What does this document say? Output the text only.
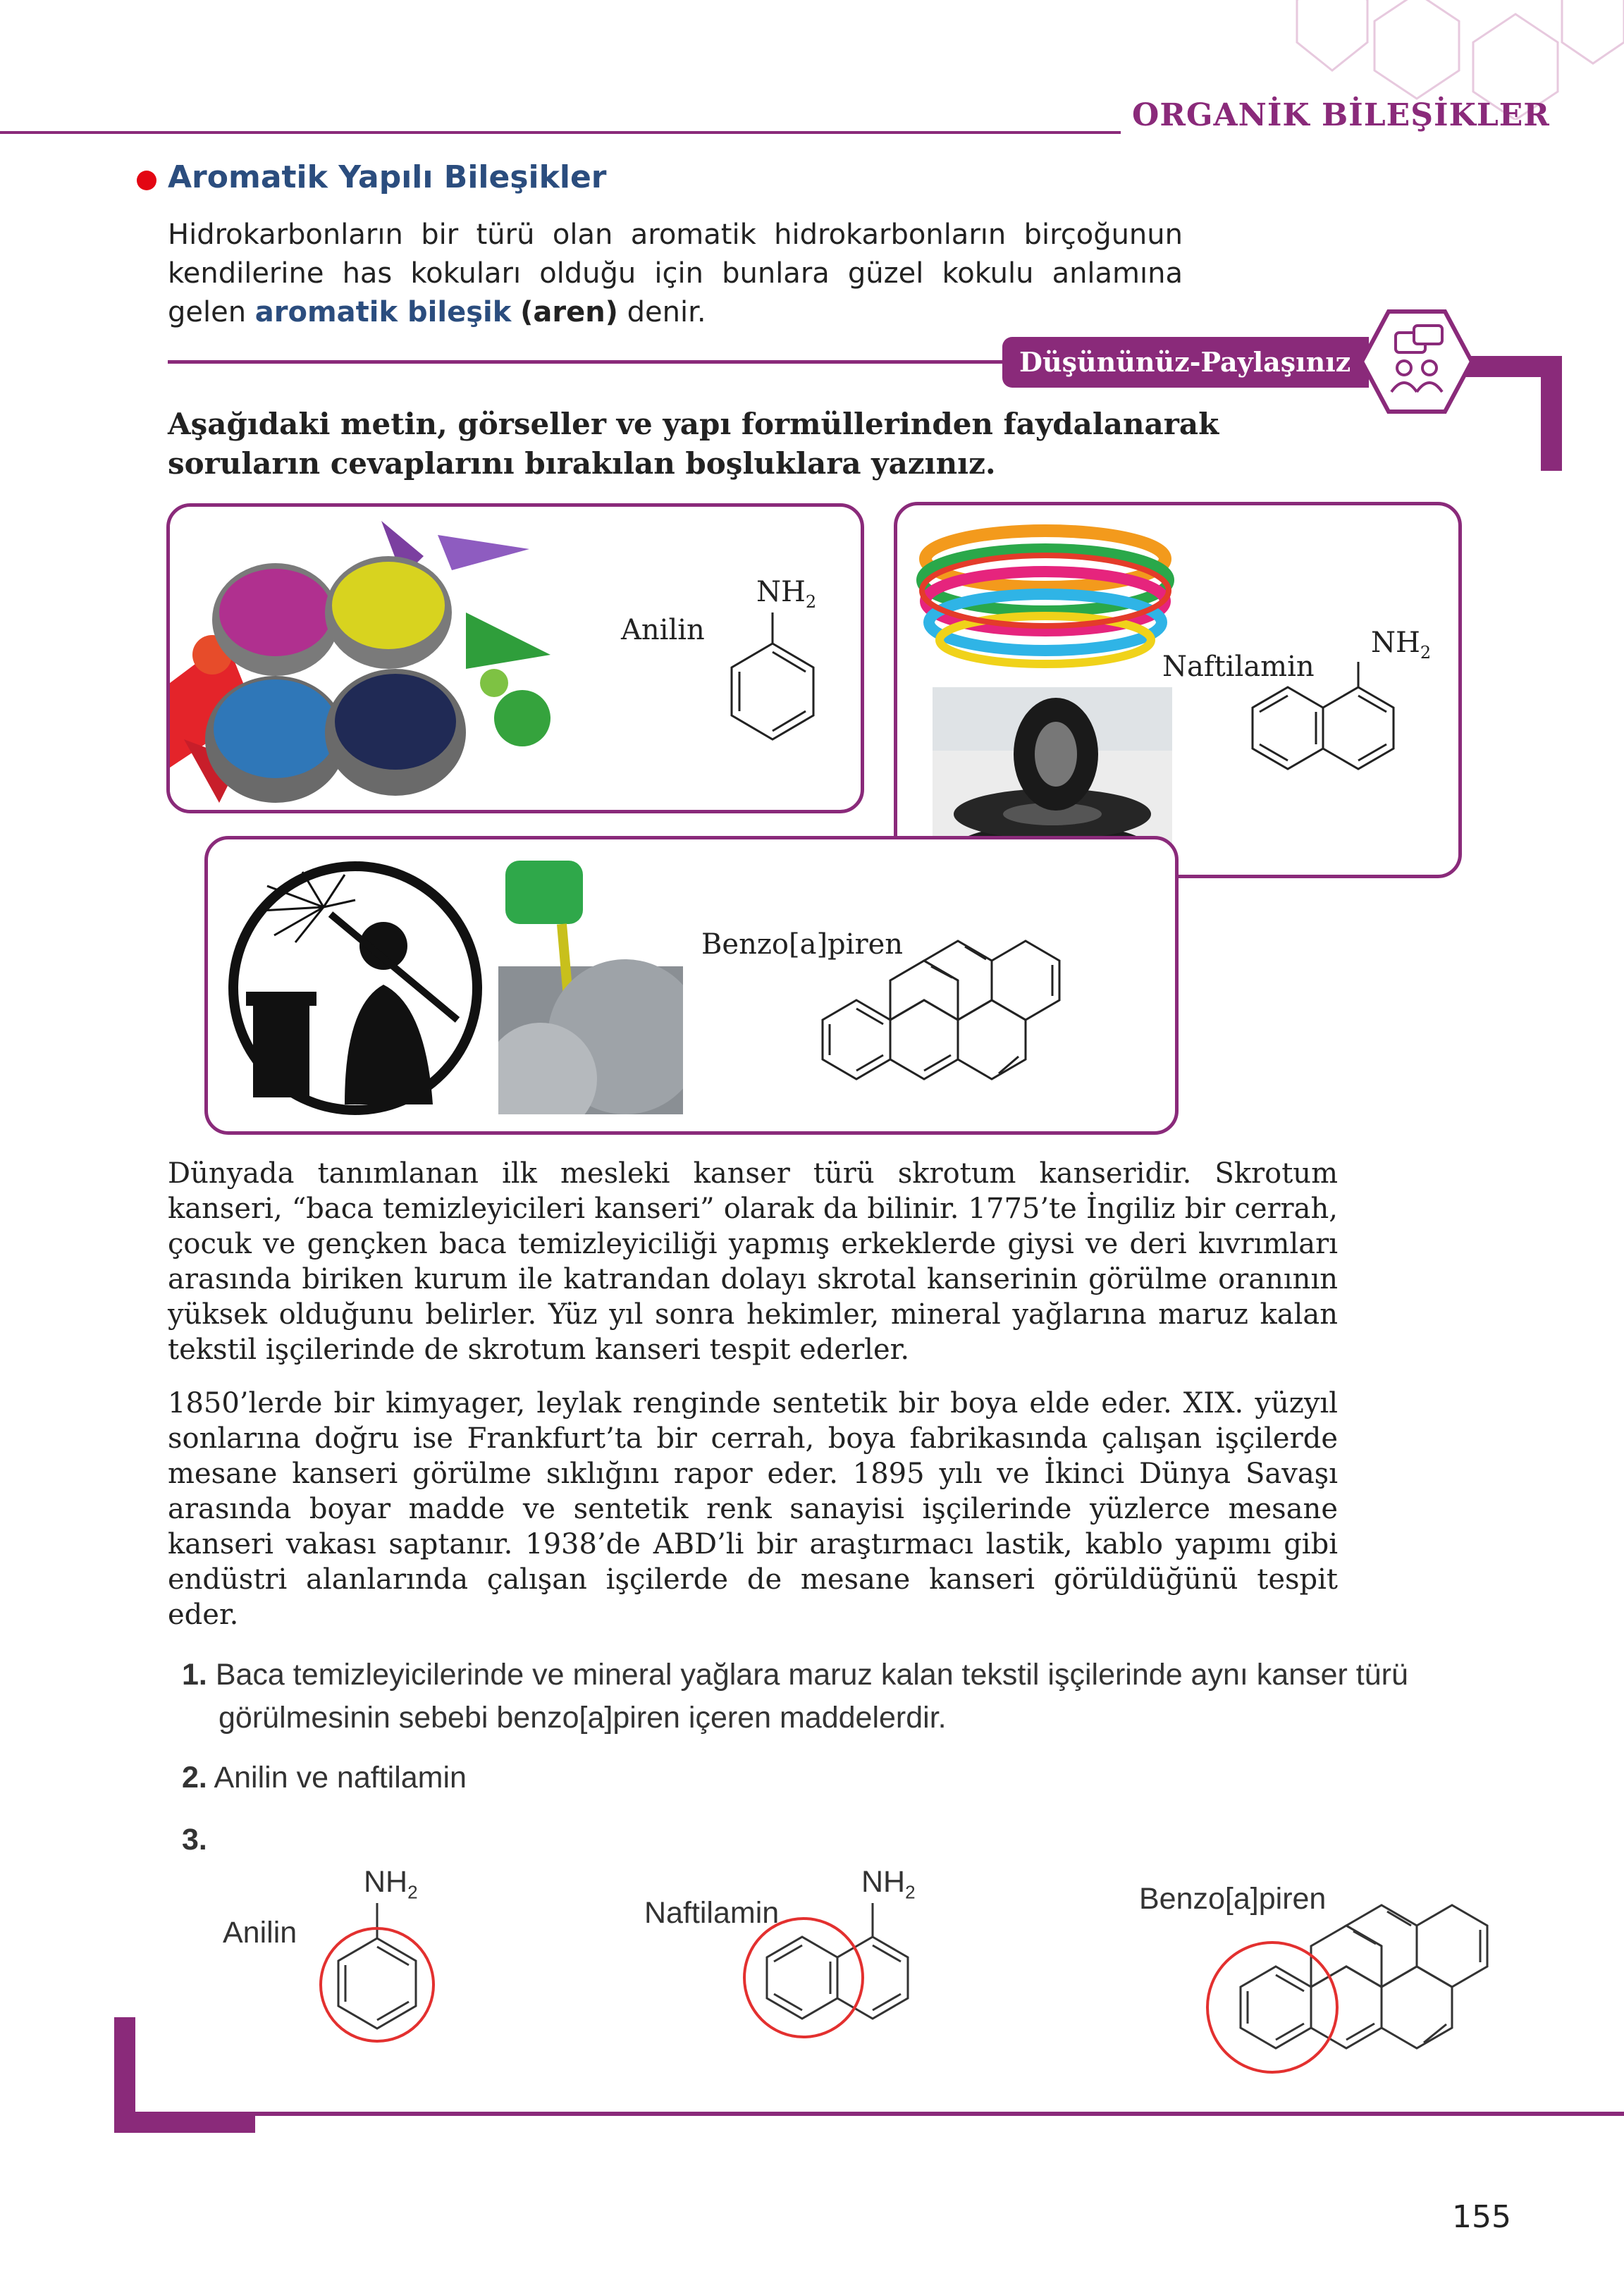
ORGANİK BİLEŞİKLER
Aromatik Yapılı Bileşikler
Hidrokarbonların bir türü olan aromatik hidrokarbonların birçoğunun kendilerine has kokuları olduğu için bunlara güzel kokulu anlamına gelen aromatik bileşik (aren) denir.
Düşününüz-Paylaşınız
Aşağıdaki metin, görseller ve yapı formüllerinden faydalanarak soruların cevaplarını bırakılan boşluklara yazınız.
Anilin
$NH_2$
Naftilamin
$NH_2$
Benzo[a]piren
Dünyada tanımlanan ilk mesleki kanser türü skrotum kanseridir. Skrotum kanseri, “baca temizleyicileri kanseri” olarak da bilinir. 1775’te İngiliz bir cerrah, çocuk ve gençken baca temizleyiciliği yapmış erkeklerde giysi ve deri kıvrımları arasında biriken kurum ile katrandan dolayı skrotal kanserinin görülme oranının yüksek olduğunu belirler. Yüz yıl sonra hekimler, mineral yağlarına maruz kalan tekstil işçilerinde de skrotum kanseri tespit ederler.
1850’lerde bir kimyager, leylak renginde sentetik bir boya elde eder. XIX. yüzyıl sonlarına doğru ise Frankfurt’ta bir cerrah, boya fabrikasında çalışan işçilerde mesane kanseri görülme sıklığını rapor eder. 1895 yılı ve İkinci Dünya Savaşı arasında boyar madde ve sentetik renk sanayisi işçilerinde yüzlerce mesane kanseri vakası saptanır. 1938’de ABD’li bir araştırmacı lastik, kablo yapımı gibi endüstri alanlarında çalışan işçilerde de mesane kanseri görüldüğünü tespit eder.
1. Baca temizleyicilerinde ve mineral yağlara maruz kalan tekstil işçilerinde aynı kanser türü
görülmesinin sebebi benzo[a]piren içeren maddelerdir.
2. Anilin ve naftilamin
3.
Anilin
$NH_2$
Naftilamin
$NH_2$	Benzo[a]piren
155
